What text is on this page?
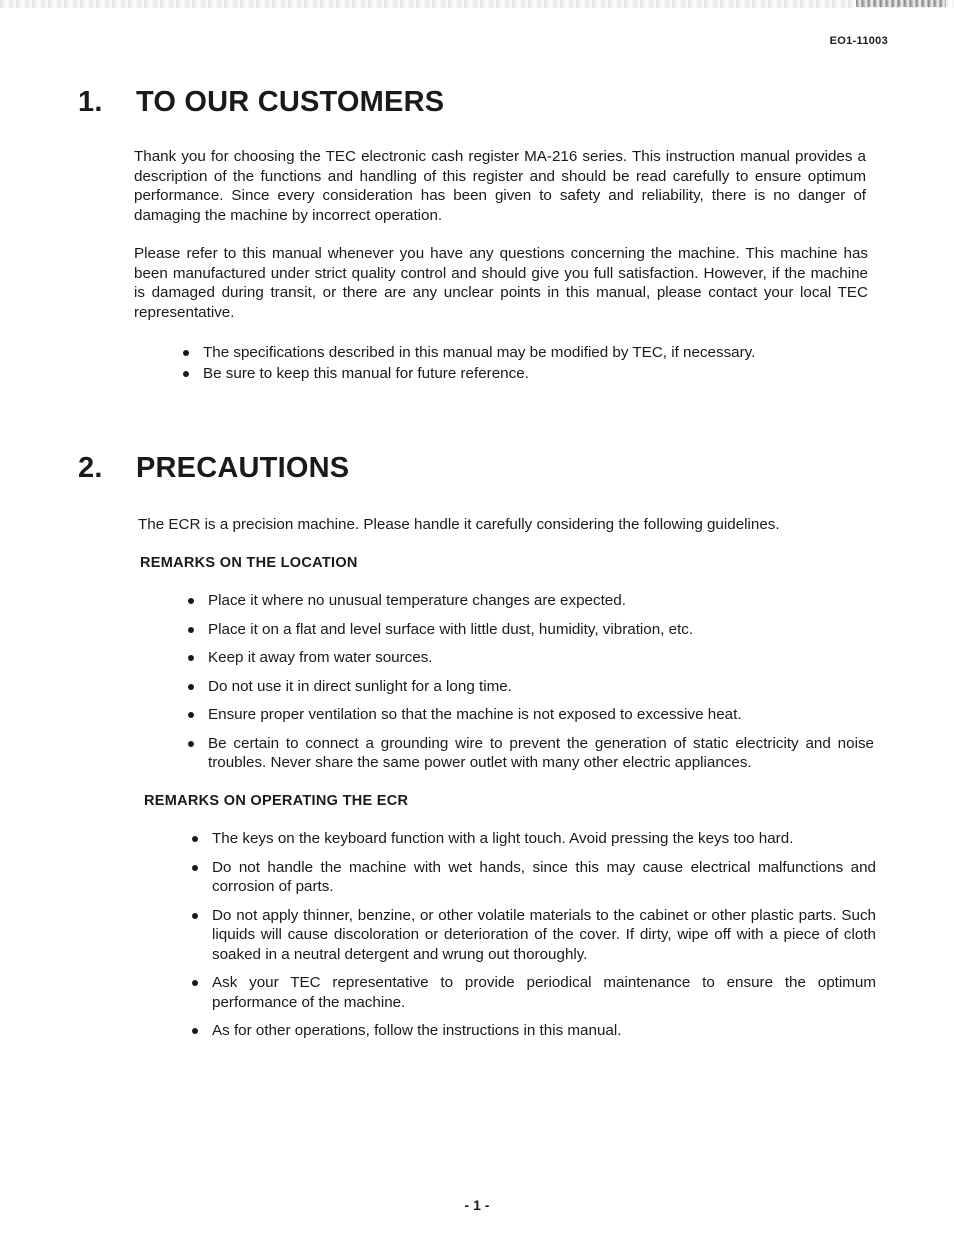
EO1-11003
1. TO OUR CUSTOMERS

Thank you for choosing the TEC electronic cash register MA-216 series. This instruction manual provides a description of the functions and handling of this register and should be read carefully to ensure optimum performance. Since every consideration has been given to safety and reliability, there is no danger of damaging the machine by incorrect operation.

Please refer to this manual whenever you have any questions concerning the machine. This machine has been manufactured under strict quality control and should give you full satisfaction. However, if the machine is damaged during transit, or there are any unclear points in this manual, please contact your local TEC representative.

The specifications described in this manual may be modified by TEC, if necessary.
Be sure to keep this manual for future reference.
2. PRECAUTIONS

The ECR is a precision machine. Please handle it carefully considering the following guidelines.

REMARKS ON THE LOCATION
Place it where no unusual temperature changes are expected.
Place it on a flat and level surface with little dust, humidity, vibration, etc.
Keep it away from water sources.
Do not use it in direct sunlight for a long time.
Ensure proper ventilation so that the machine is not exposed to excessive heat.
Be certain to connect a grounding wire to prevent the generation of static electricity and noise troubles. Never share the same power outlet with many other electric appliances.
REMARKS ON OPERATING THE ECR
The keys on the keyboard function with a light touch. Avoid pressing the keys too hard.
Do not handle the machine with wet hands, since this may cause electrical malfunctions and corrosion of parts.
Do not apply thinner, benzine, or other volatile materials to the cabinet or other plastic parts. Such liquids will cause discoloration or deterioration of the cover. If dirty, wipe off with a piece of cloth soaked in a neutral detergent and wrung out thoroughly.
Ask your TEC representative to provide periodical maintenance to ensure the optimum performance of the machine.
As for other operations, follow the instructions in this manual.
- 1 -
